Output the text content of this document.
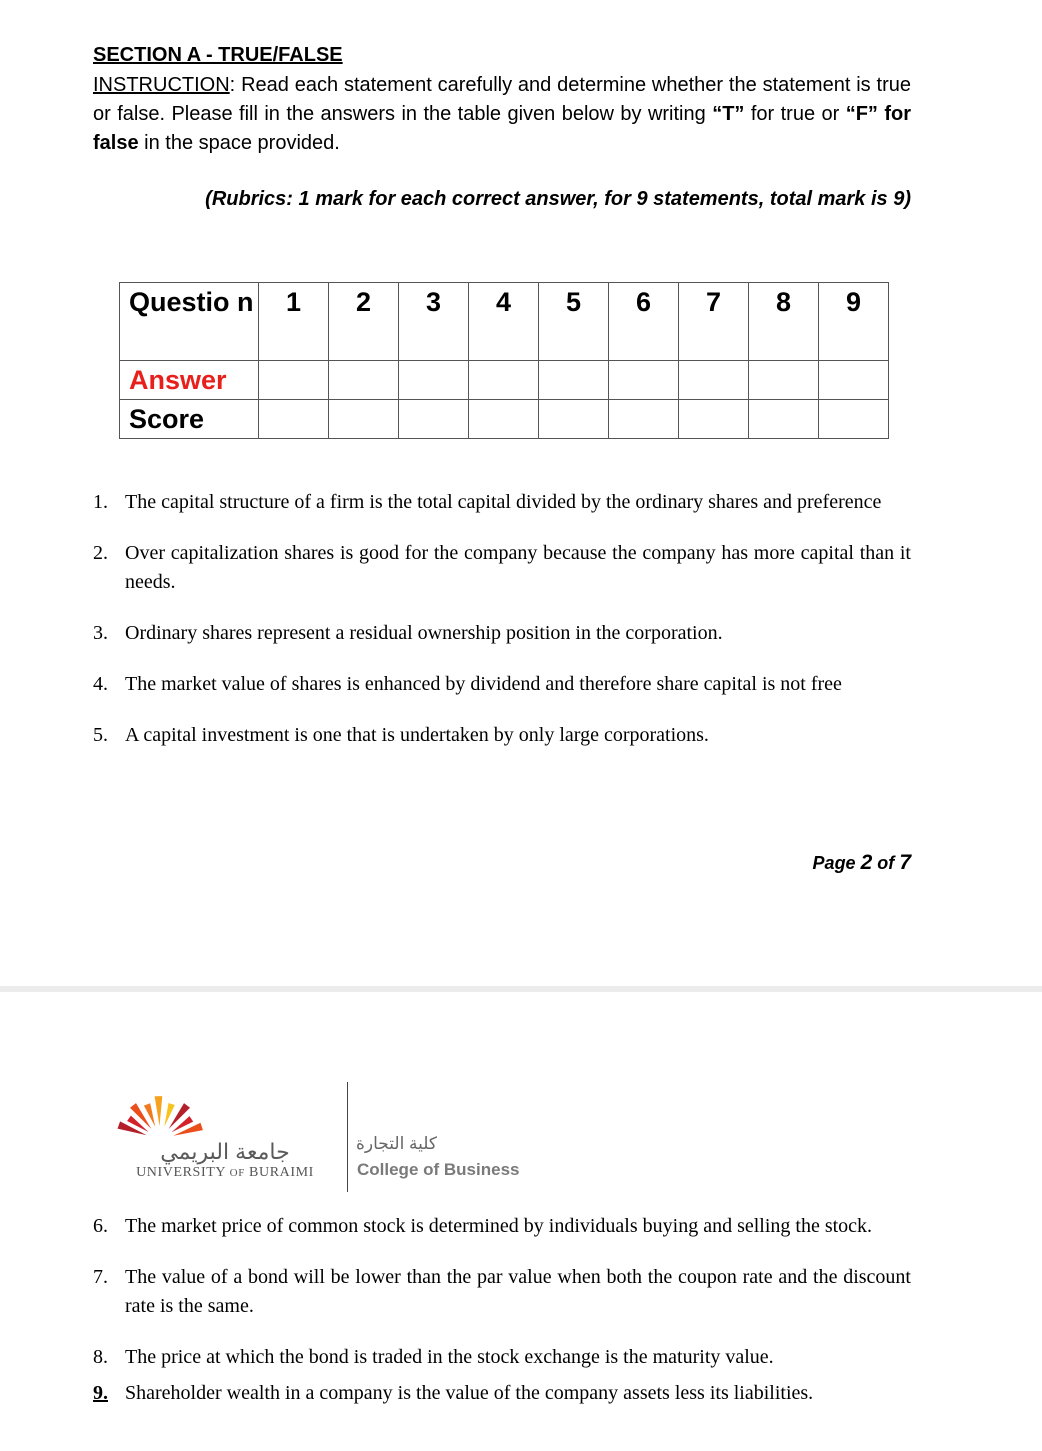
SECTION A - TRUE/FALSE
INSTRUCTION: Read each statement carefully and determine whether the statement is true or false. Please fill in the answers in the table given below by writing “T” for true or “F” for false in the space provided.
(Rubrics: 1 mark for each correct answer, for 9 statements, total mark is 9)
Questio n	1	2	3	4	5	6	7	8	9
Answer									
Score									
1. The capital structure of a firm is the total capital divided by the ordinary shares and preference
2. Over capitalization shares is good for the company because the company has more capital than it needs.
3. Ordinary shares represent a residual ownership position in the corporation.
4. The market value of shares is enhanced by dividend and therefore share capital is not free
5. A capital investment is one that is undertaken by only large corporations.
Page 2 of 7
جامعة البريمي
UNIVERSITY OF BURAIMI
كلية التجارة
College of Business
6. The market price of common stock is determined by individuals buying and selling the stock.
7. The value of a bond will be lower than the par value when both the coupon rate and the discount rate is the same.
8. The price at which the bond is traded in the stock exchange is the maturity value.
9. Shareholder wealth in a company is the value of the company assets less its liabilities.
